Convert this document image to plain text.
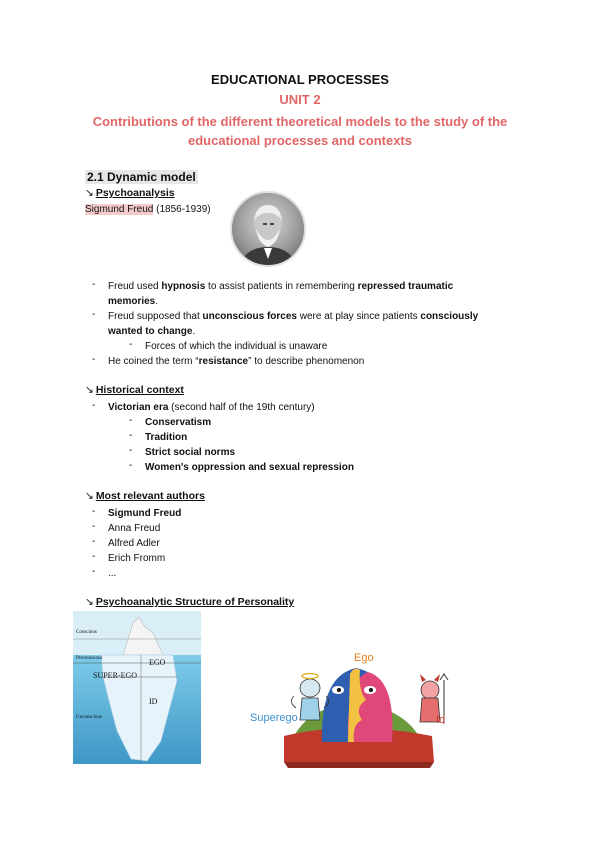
EDUCATIONAL PROCESSES
UNIT 2
Contributions of the different theoretical models to the study of the educational processes and contexts
2.1 Dynamic model
↘ Psychoanalysis
Sigmund Freud (1856-1939)
- Freud used hypnosis to assist patients in remembering repressed traumatic
memories.
- Freud supposed that unconscious forces were at play since patients consciously
wanted to change.
- Forces of which the individual is unaware
- He coined the term “resistance” to describe phenomenon
↘ Historical context
- Victorian era (second half of the 19th century)
- Conservatism
- Tradition
- Strict social norms
- Women's oppression and sexual repression
↘ Most relevant authors
- Sigmund Freud
- Anna Freud
- Alfred Adler
- Erich Fromm
- ...
↘ Psychoanalytic Structure of Personality
Conscious
Preconscious
Unconscious
EGO
SUPER-EGO
ID
Ego
Superego	Id
